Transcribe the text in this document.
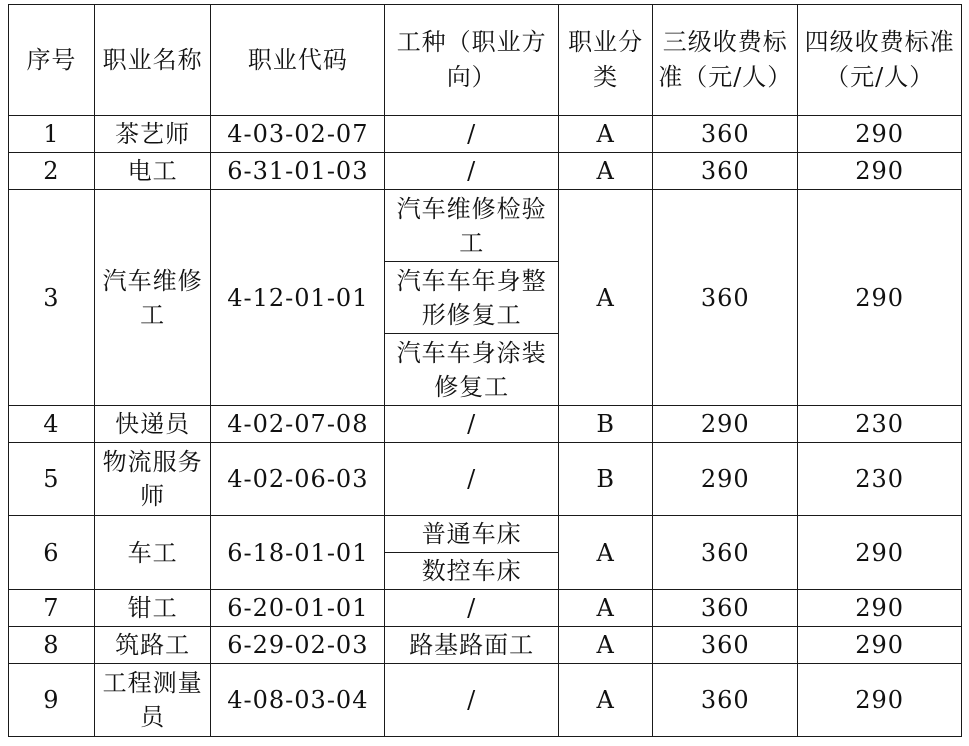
序号	职业名称	职业代码	工种（职业方向）	职业分类	三级收费标准（元/人）	四级收费标准（元/人）
1	茶艺师	4-03-02-07	/	A	360	290
2	电工	6-31-01-03	/	A	360	290
3	汽车维修工	4-12-01-01	汽车维修检验工	A	360	290
			汽车车年身整形修复工			
			汽车车身涂装修复工			
4	快递员	4-02-07-08	/	B	290	230
5	物流服务师	4-02-06-03	/	B	290	230
6	车工	6-18-01-01	普通车床	A	360	290
			数控车床			
7	钳工	6-20-01-01	/	A	360	290
8	筑路工	6-29-02-03	路基路面工	A	360	290
9	工程测量员	4-08-03-04	/	A	360	290
